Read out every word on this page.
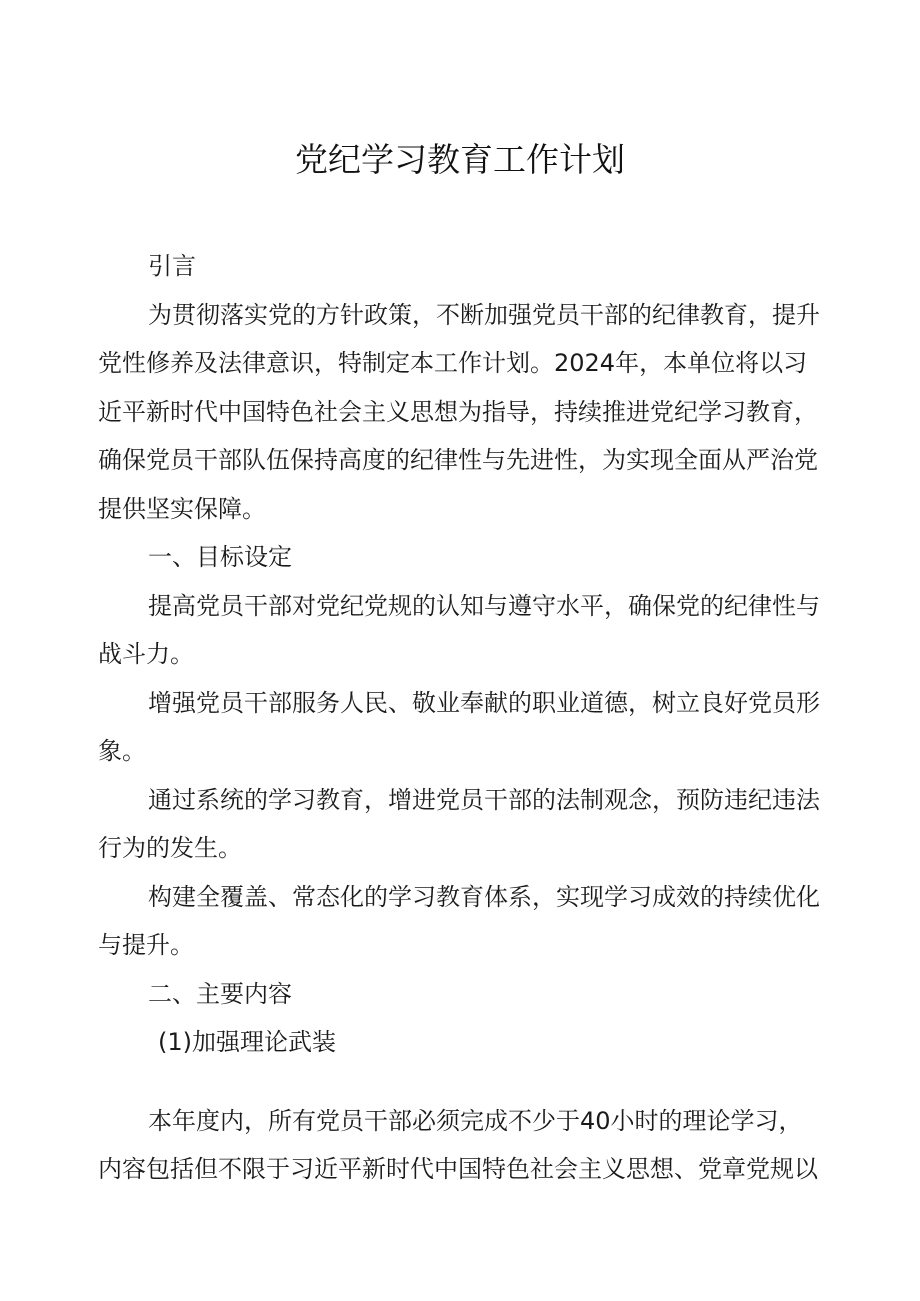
党纪学习教育工作计划
引言
为贯彻落实党的方针政策，不断加强党员干部的纪律教育，提升
党性修养及法律意识，特制定本工作计划。2024年，本单位将以习
近平新时代中国特色社会主义思想为指导，持续推进党纪学习教育，
确保党员干部队伍保持高度的纪律性与先进性，为实现全面从严治党
提供坚实保障。
一、目标设定
提高党员干部对党纪党规的认知与遵守水平，确保党的纪律性与
战斗力。
增强党员干部服务人民、敬业奉献的职业道德，树立良好党员形
象。
通过系统的学习教育，增进党员干部的法制观念，预防违纪违法
行为的发生。
构建全覆盖、常态化的学习教育体系，实现学习成效的持续优化
与提升。
二、主要内容
(1)加强理论武装
本年度内，所有党员干部必须完成不少于40小时的理论学习，
内容包括但不限于习近平新时代中国特色社会主义思想、党章党规以
